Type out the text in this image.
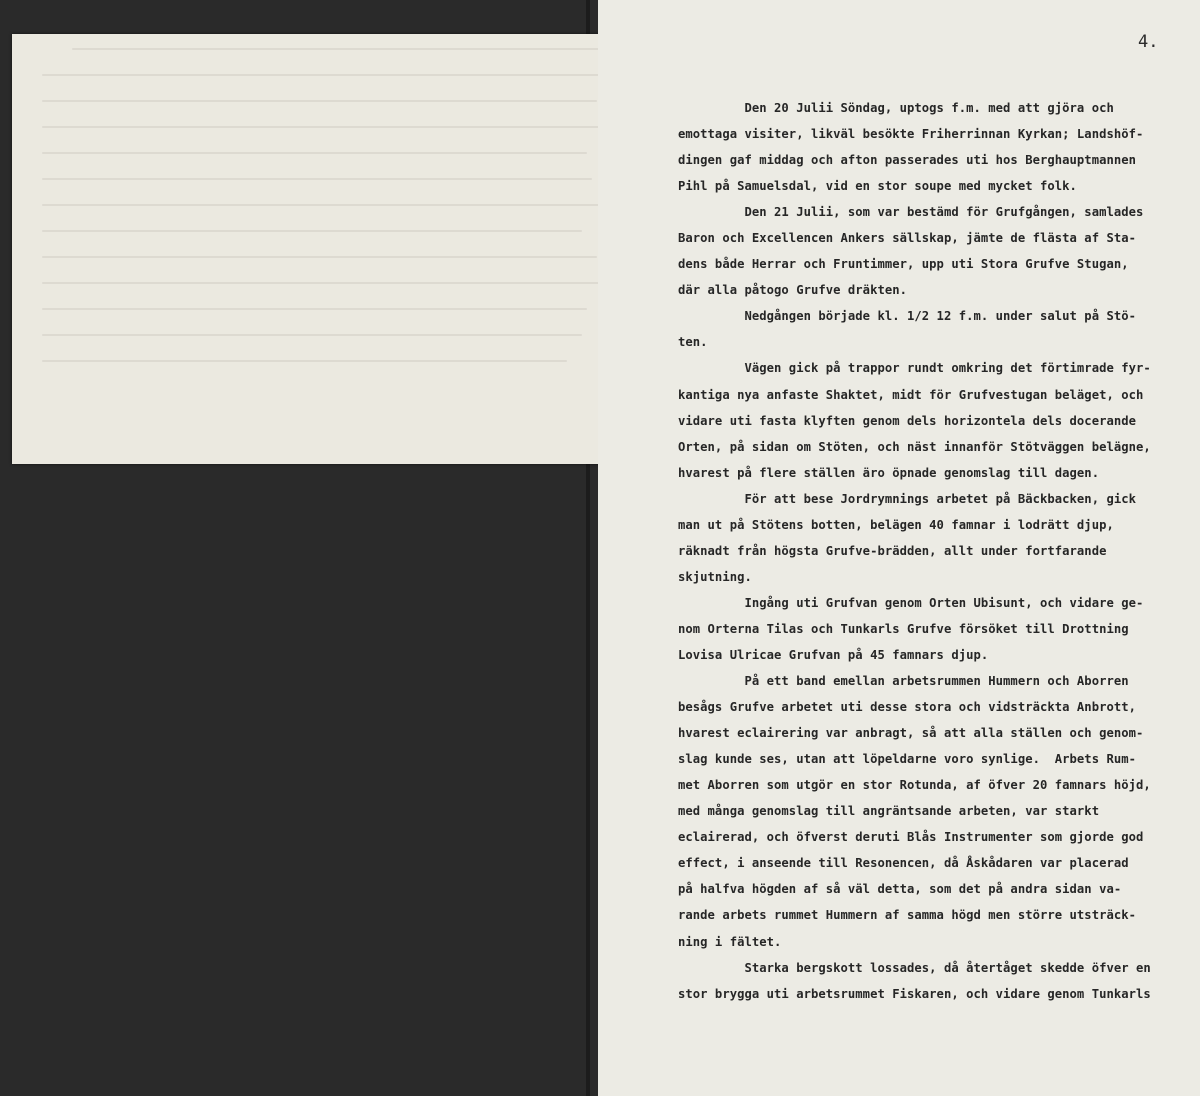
4.
Den 20 Julii Söndag, uptogs f.m. med att gjöra och
emottaga visiter, likväl besökte Friherrinnan Kyrkan; Landshöf-
dingen gaf middag och afton passerades uti hos Berghauptmannen
Pihl på Samuelsdal, vid en stor soupe med mycket folk.
Den 21 Julii, som var bestämd för Grufgången, samlades
Baron och Excellencen Ankers sällskap, jämte de flästa af Sta-
dens både Herrar och Fruntimmer, upp uti Stora Grufve Stugan,
där alla påtogo Grufve dräkten.
Nedgången började kl. 1/2 12 f.m. under salut på Stö-
ten.
Vägen gick på trappor rundt omkring det förtimrade fyr-
kantiga nya anfaste Shaktet, midt för Grufvestugan beläget, och
vidare uti fasta klyften genom dels horizontela dels docerande
Orten, på sidan om Stöten, och näst innanför Stötväggen belägne,
hvarest på flere ställen äro öpnade genomslag till dagen.
För att bese Jordrymnings arbetet på Bäckbacken, gick
man ut på Stötens botten, belägen 40 famnar i lodrätt djup,
räknadt från högsta Grufve-brädden, allt under fortfarande
skjutning.
Ingång uti Grufvan genom Orten Ubisunt, och vidare ge-
nom Orterna Tilas och Tunkarls Grufve försöket till Drottning
Lovisa Ulricae Grufvan på 45 famnars djup.
På ett band emellan arbetsrummen Hummern och Aborren
besågs Grufve arbetet uti desse stora och vidsträckta Anbrott,
hvarest eclairering var anbragt, så att alla ställen och genom-
slag kunde ses, utan att löpeldarne voro synlige.  Arbets Rum-
met Aborren som utgör en stor Rotunda, af öfver 20 famnars höjd,
med många genomslag till angräntsande arbeten, var starkt
eclairerad, och öfverst deruti Blås Instrumenter som gjorde god
effect, i anseende till Resonencen, då Åskådaren var placerad
på halfva högden af så väl detta, som det på andra sidan va-
rande arbets rummet Hummern af samma högd men större utsträck-
ning i fältet.
Starka bergskott lossades, då återtåget skedde öfver en
stor brygga uti arbetsrummet Fiskaren, och vidare genom Tunkarls
